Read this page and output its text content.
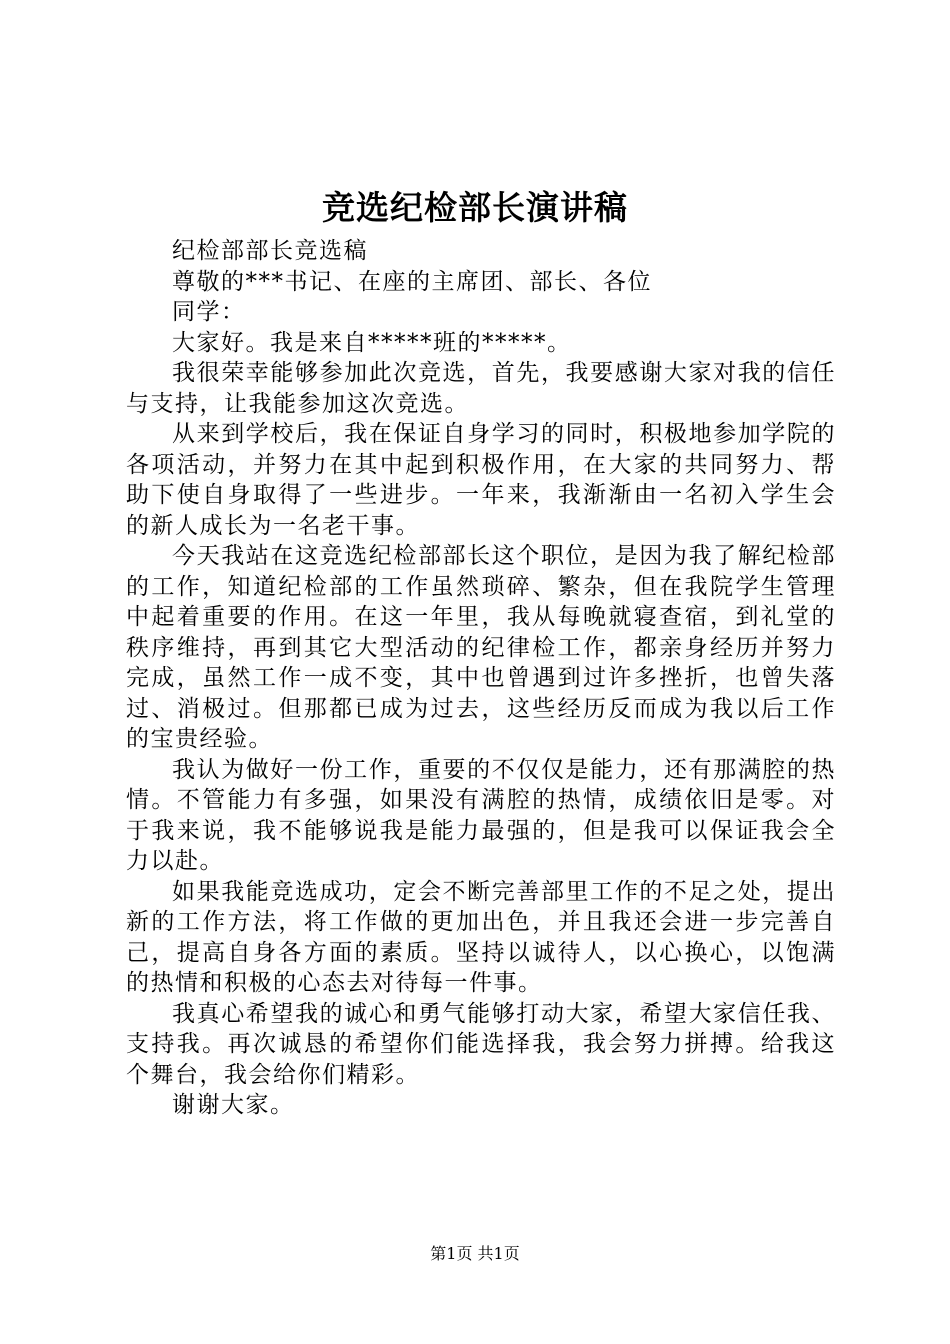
竞选纪检部长演讲稿

纪检部部长竞选稿

尊敬的***书记、在座的主席团、部长、各位

同学：

大家好。我是来自*****班的*****。

我很荣幸能够参加此次竞选，首先，我要感谢大家对我的信任与支持，让我能参加这次竞选。

从来到学校后，我在保证自身学习的同时，积极地参加学院的各项活动，并努力在其中起到积极作用，在大家的共同努力、帮助下使自身取得了一些进步。一年来，我渐渐由一名初入学生会的新人成长为一名老干事。

今天我站在这竞选纪检部部长这个职位，是因为我了解纪检部的工作，知道纪检部的工作虽然琐碎、繁杂，但在我院学生管理中起着重要的作用。在这一年里，我从每晚就寝查宿，到礼堂的秩序维持，再到其它大型活动的纪律检工作，都亲身经历并努力完成，虽然工作一成不变，其中也曾遇到过许多挫折，也曾失落过、消极过。但那都已成为过去，这些经历反而成为我以后工作的宝贵经验。

我认为做好一份工作，重要的不仅仅是能力，还有那满腔的热情。不管能力有多强，如果没有满腔的热情，成绩依旧是零。对于我来说，我不能够说我是能力最强的，但是我可以保证我会全力以赴。

如果我能竞选成功，定会不断完善部里工作的不足之处，提出新的工作方法，将工作做的更加出色，并且我还会进一步完善自己，提高自身各方面的素质。坚持以诚待人，以心换心，以饱满的热情和积极的心态去对待每一件事。

我真心希望我的诚心和勇气能够打动大家，希望大家信任我、支持我。再次诚恳的希望你们能选择我，我会努力拼搏。给我这个舞台，我会给你们精彩。

谢谢大家。

第1页 共1页
